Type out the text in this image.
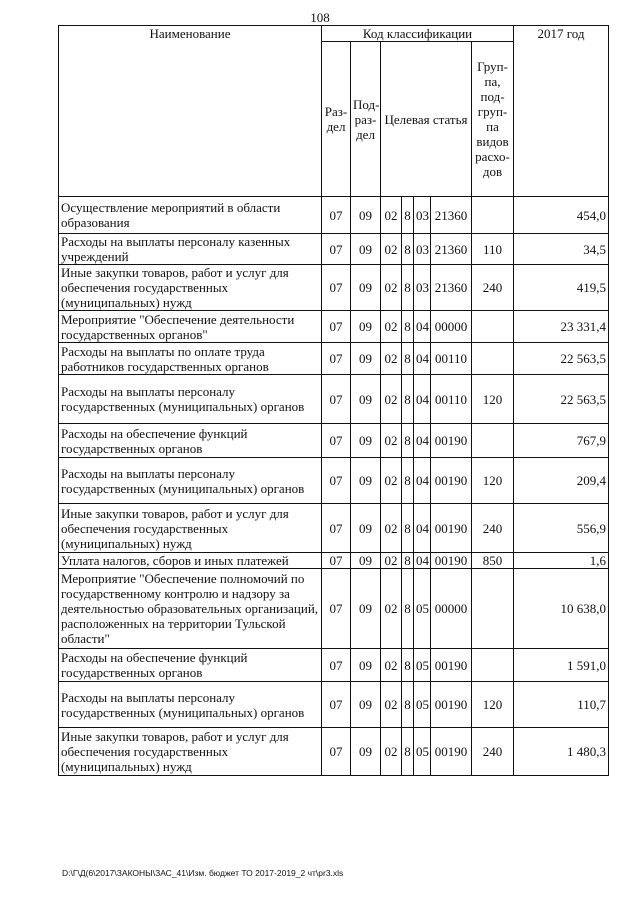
108
Наименование	Код классификации							2017 год
	Раз-дел	Под-раз-дел	Целевая статья				Груп-па, под-груп-па видов расхо-дов	
Осуществление мероприятий в области образования	07	09	02	8	03	21360		454,0
Расходы на выплаты персоналу казенных учреждений	07	09	02	8	03	21360	110	34,5
Иные закупки товаров, работ и услуг для обеспечения государственных (муниципальных) нужд	07	09	02	8	03	21360	240	419,5
Мероприятие "Обеспечение деятельности государственных органов"	07	09	02	8	04	00000		23 331,4
Расходы на выплаты по оплате труда работников государственных органов	07	09	02	8	04	00110		22 563,5
Расходы на выплаты персоналу государственных (муниципальных) органов	07	09	02	8	04	00110	120	22 563,5
Расходы на обеспечение функций государственных органов	07	09	02	8	04	00190		767,9
Расходы на выплаты персоналу государственных (муниципальных) органов	07	09	02	8	04	00190	120	209,4
Иные закупки товаров, работ и услуг для обеспечения государственных (муниципальных) нужд	07	09	02	8	04	00190	240	556,9
Уплата налогов, сборов и иных платежей	07	09	02	8	04	00190	850	1,6
Мероприятие "Обеспечение полномочий по государственному контролю и надзору за деятельностью образовательных организаций, расположенных на территории Тульской области"	07	09	02	8	05	00000		10 638,0
Расходы на обеспечение функций государственных органов	07	09	02	8	05	00190		1 591,0
Расходы на выплаты персоналу государственных (муниципальных) органов	07	09	02	8	05	00190	120	110,7
Иные закупки товаров, работ и услуг для обеспечения государственных (муниципальных) нужд	07	09	02	8	05	00190	240	1 480,3
D:\Г\Д(6\2017\ЗАКОНЫ\ЗАС_41\Изм. бюджет ТО 2017-2019_2 чт\pr3.xls
